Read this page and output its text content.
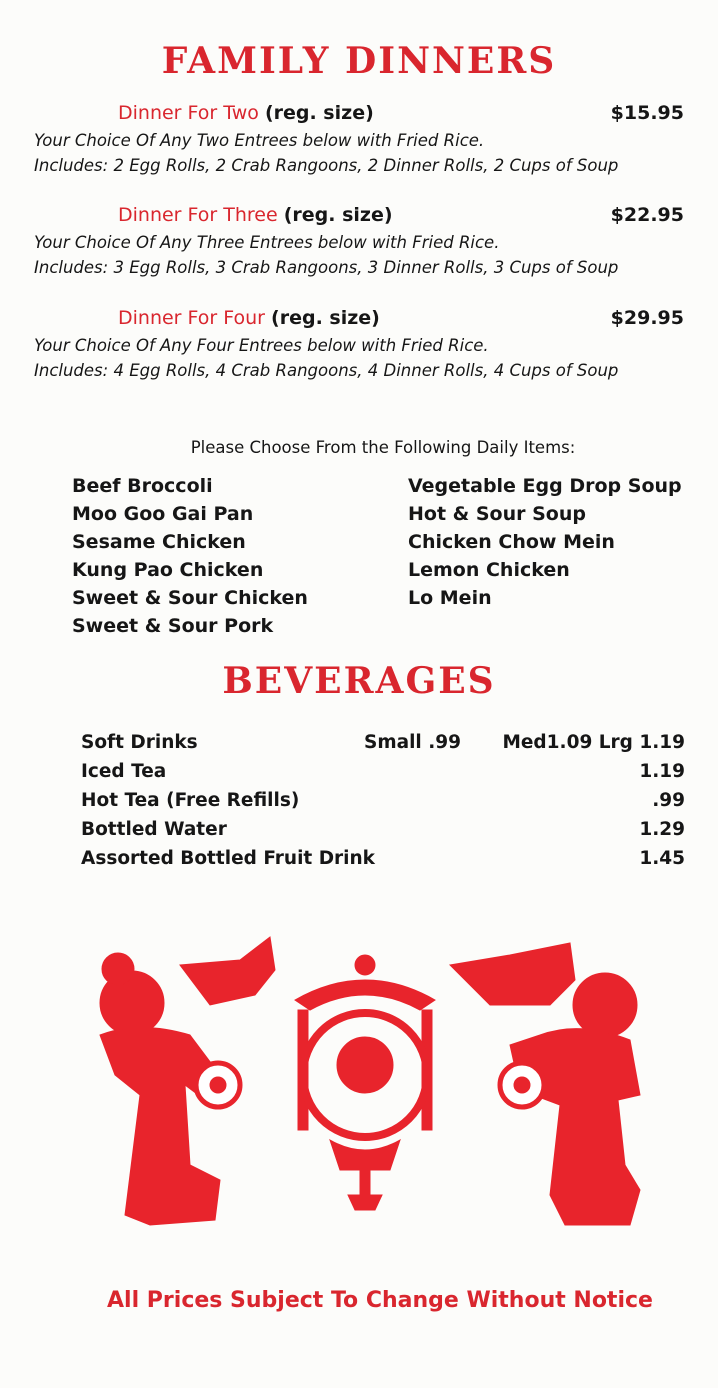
FAMILY DINNERS
Dinner For Two (reg. size)	$15.95
Your Choice Of Any Two Entrees below with Fried Rice.
Includes: 2 Egg Rolls, 2 Crab Rangoons, 2 Dinner Rolls, 2 Cups of Soup
Dinner For Three (reg. size)	$22.95
Your Choice Of Any Three Entrees below with Fried Rice.
Includes: 3 Egg Rolls, 3 Crab Rangoons, 3 Dinner Rolls, 3 Cups of Soup
Dinner For Four (reg. size)	$29.95
Your Choice Of Any Four Entrees below with Fried Rice.
Includes: 4 Egg Rolls, 4 Crab Rangoons, 4 Dinner Rolls, 4 Cups of Soup
Please Choose From the Following Daily Items:
Beef Broccoli
Moo Goo Gai Pan
Sesame Chicken
Kung Pao Chicken
Sweet & Sour Chicken
Sweet & Sour Pork
Vegetable Egg Drop Soup
Hot & Sour Soup
Chicken Chow Mein
Lemon Chicken
Lo Mein
BEVERAGES
Soft Drinks	Small .99 Med1.09 Lrg 1.19
Iced Tea	1.19
Hot Tea (Free Refills)	.99
Bottled Water	1.29
Assorted Bottled Fruit Drink	1.45
All Prices Subject To Change Without Notice
